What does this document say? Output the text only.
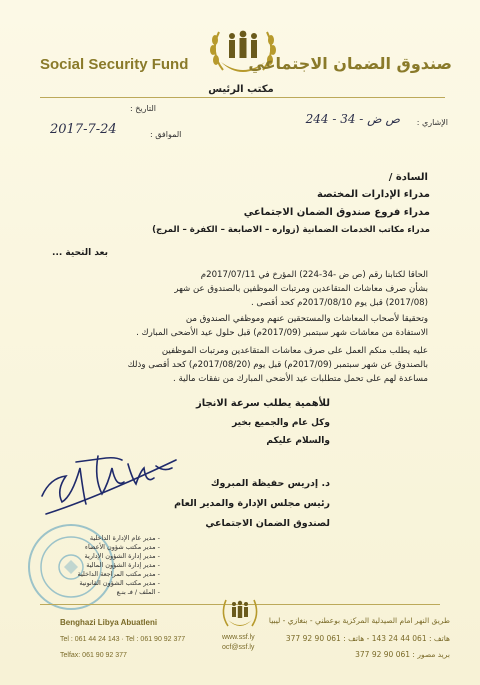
Social Security Fund
مكتب الرئيس
صندوق الضمان الاجتماعي
التاريخ :
الموافق :
2017-7-24	الإشاري :
ص ض - 34 - 244
السادة /
مدراء الإدارات المختصة
مدراء فروع صندوق الضمان الاجتماعي
مدراء مكاتب الخدمات الضمانية (زواره – الاصابعة – الكفرة – المرج)
بعد التحية ...
الحاقا لكتابنا رقم (ص ض -34-224) المؤرخ في 2017/07/11م
بشأن صرف معاشات المتقاعدين ومرتبات الموظفين بالصندوق عن شهر
(2017/08) قبل يوم 2017/08/10م كحد أقصى .
وتحقيقا لأصحاب المعاشات والمستحقين عنهم وموظفي الصندوق من
الاستفادة من معاشات شهر سبتمبر (2017/09م) قبل حلول عيد الأضحى المبارك .
عليه يطلب منكم العمل على صرف معاشات المتقاعدين ومرتبات الموظفين
بالصندوق عن شهر سبتمبر (2017/09م) قبل يوم (2017/08/20م) كحد أقصى وذلك
مساعدة لهم على تحمل متطلبات عيد الأضحى المبارك من نفقات مالية .
للأهمية يطلب سرعة الانجاز
وكل عام والجميع بخير
والسلام عليكم
د. إدريس حفيظة المبروك
رئيس مجلس الإدارة والمدير العام
لصندوق الضمان الاجتماعي
- مدير عام الإدارة الداخلية
- مدير مكتب شؤون الأعضاء
- مدير إدارة الشؤون الإدارية
- مدير إدارة الشؤون المالية
- مدير مكتب المراجعة الداخلية
- مدير مكتب الشؤون القانونية
- الملف / فـ بنـع
Benghazi Libya Abuatleni
Tel : 061 44 24 143 · Tel : 061 90 92 377
Telfax: 061 90 92 377
www.ssf.ly
ocf@ssf.ly
طريق النهر امام الصيدلية المركزية بوعطني - بنغازي - ليبيا
هاتف : 061 44 24 143 - هاتف : 061 90 92 377
بريد مصور : 061 90 92 377
